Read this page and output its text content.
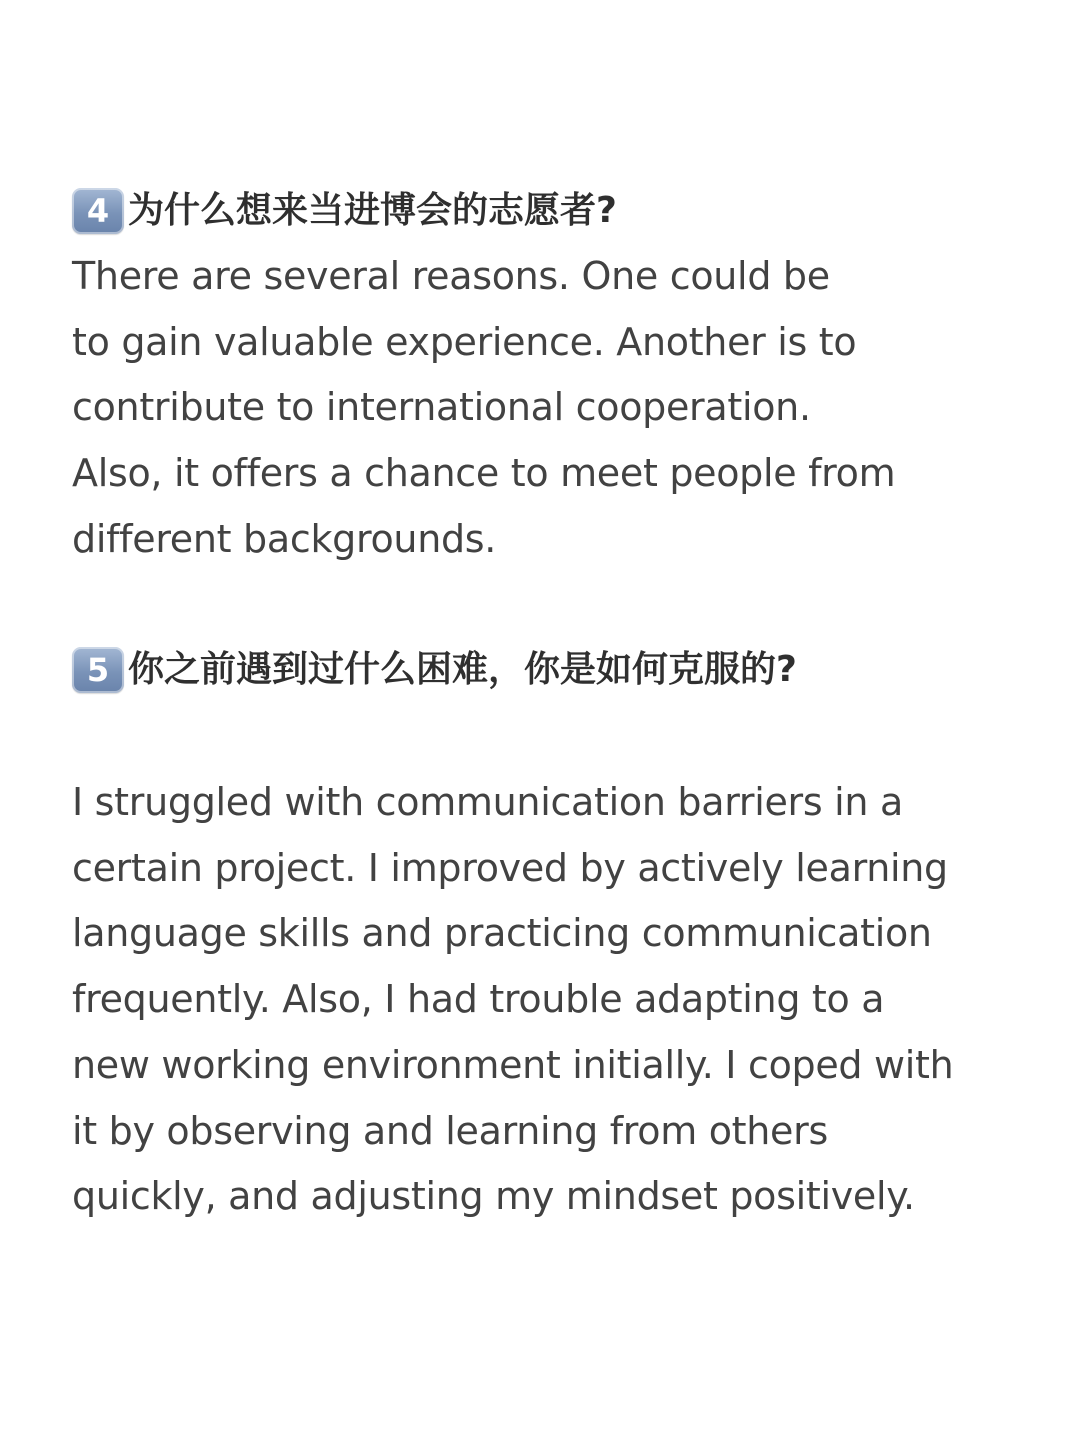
4 为什么想来当进博会的志愿者?

There are several reasons. One could be
to gain valuable experience. Another is to
contribute to international cooperation.
Also, it offers a chance to meet people from
different backgrounds.

5 你之前遇到过什么困难，你是如何克服的?

I struggled with communication barriers in a
certain project. I improved by actively learning
language skills and practicing communication
frequently. Also, I had trouble adapting to a
new working environment initially. I coped with
it by observing and learning from others
quickly, and adjusting my mindset positively.
